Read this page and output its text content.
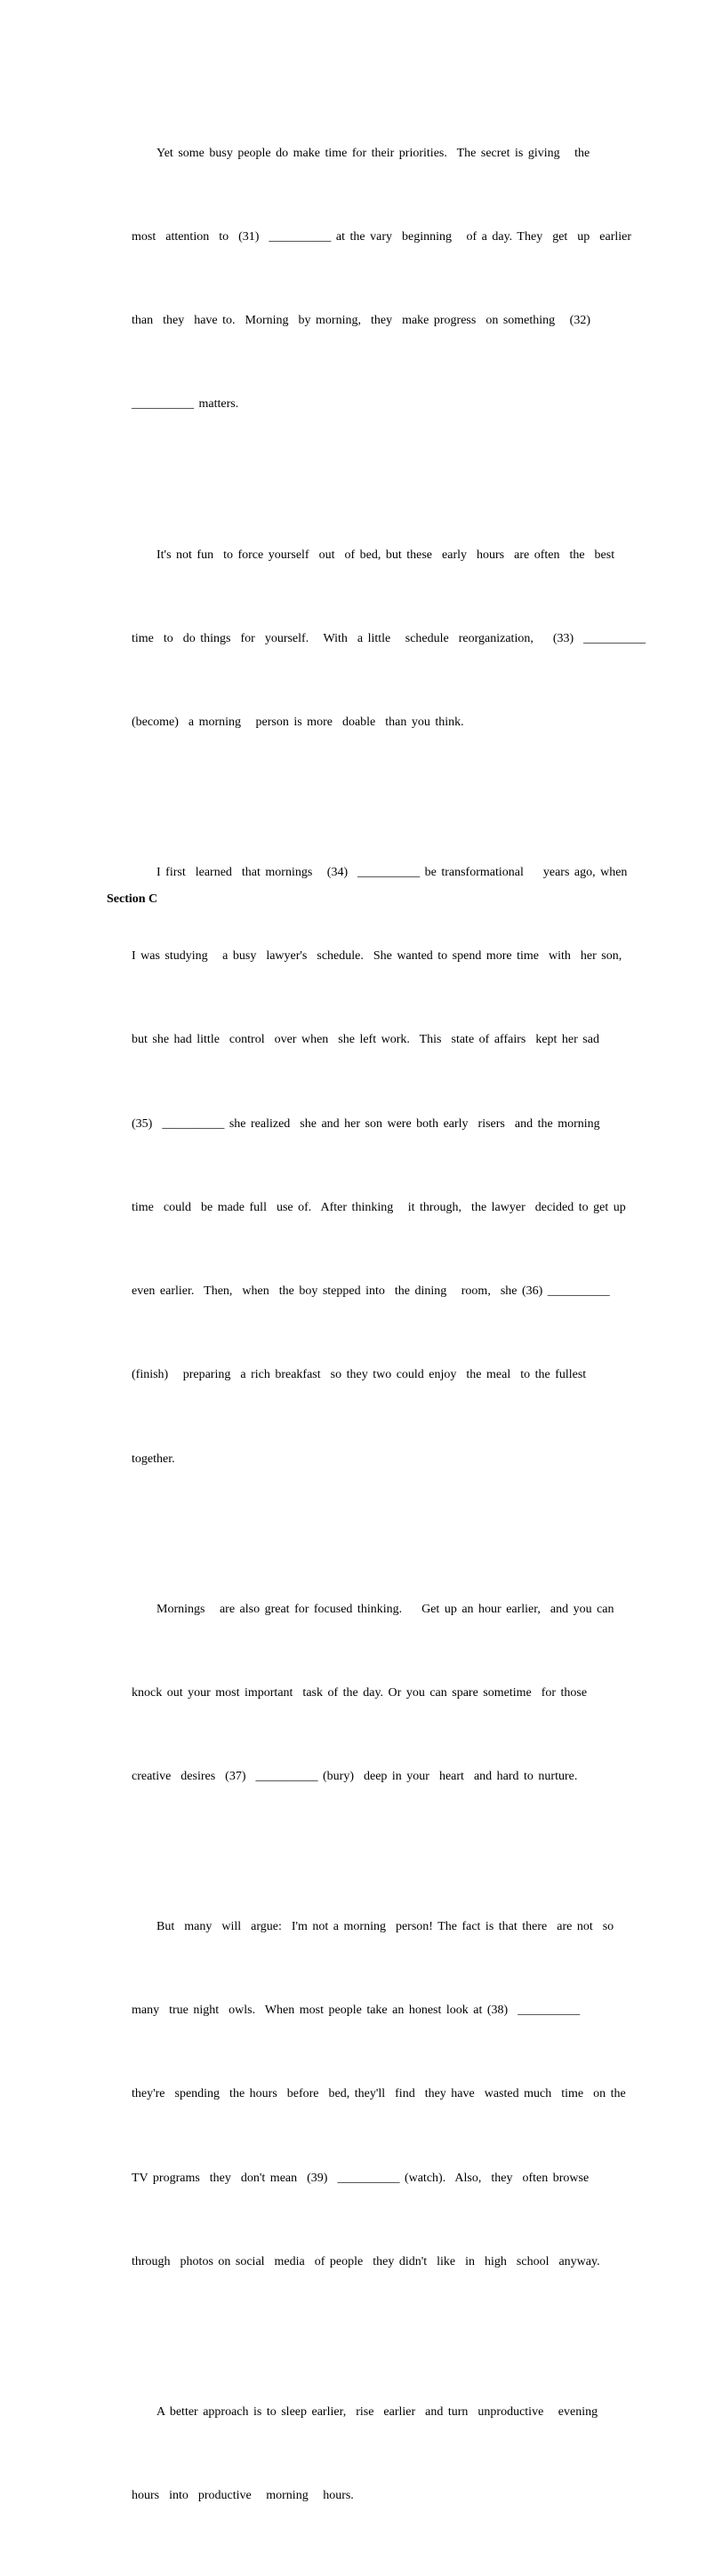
Yet some busy people do make time for their priorities.  The secret is giving   the

most  attention  to  (31)  __________ at the vary  beginning   of a day. They  get  up  earlier

than  they  have to.  Morning  by morning,  they  make progress  on something   (32)

__________ matters.

It's not fun  to force yourself  out  of bed, but these  early  hours  are often  the  best

time  to  do things  for  yourself.   With  a little   schedule  reorganization,    (33)  __________

(become)  a morning   person is more  doable  than you think.

I first  learned  that mornings   (34)  __________ be transformational    years ago, when

I was studying   a busy  lawyer's  schedule.  She wanted to spend more time  with  her son,

but she had little  control  over when  she left work.  This  state of affairs  kept her sad

(35)  __________ she realized  she and her son were both early  risers  and the morning

time  could  be made full  use of.  After thinking   it through,  the lawyer  decided to get up

even earlier.  Then,  when  the boy stepped into  the dining   room,  she (36) __________

(finish)   preparing  a rich breakfast  so they two could enjoy  the meal  to the fullest

together.

Mornings   are also great for focused thinking.    Get up an hour earlier,  and you can

knock out your most important  task of the day. Or you can spare sometime  for those

creative  desires  (37)  __________ (bury)  deep in your  heart  and hard to nurture.

But  many  will  argue:  I'm not a morning  person! The fact is that there  are not  so

many  true night  owls.  When most people take an honest look at (38)  __________

they're  spending  the hours  before  bed, they'll  find  they have  wasted much  time  on the

TV programs  they  don't mean  (39)  __________ (watch).  Also,  they  often browse

through  photos on social  media  of people  they didn't  like  in  high  school  anyway.

A better approach is to sleep earlier,  rise  earlier  and turn  unproductive   evening

hours  into  productive   morning   hours.

Section C
